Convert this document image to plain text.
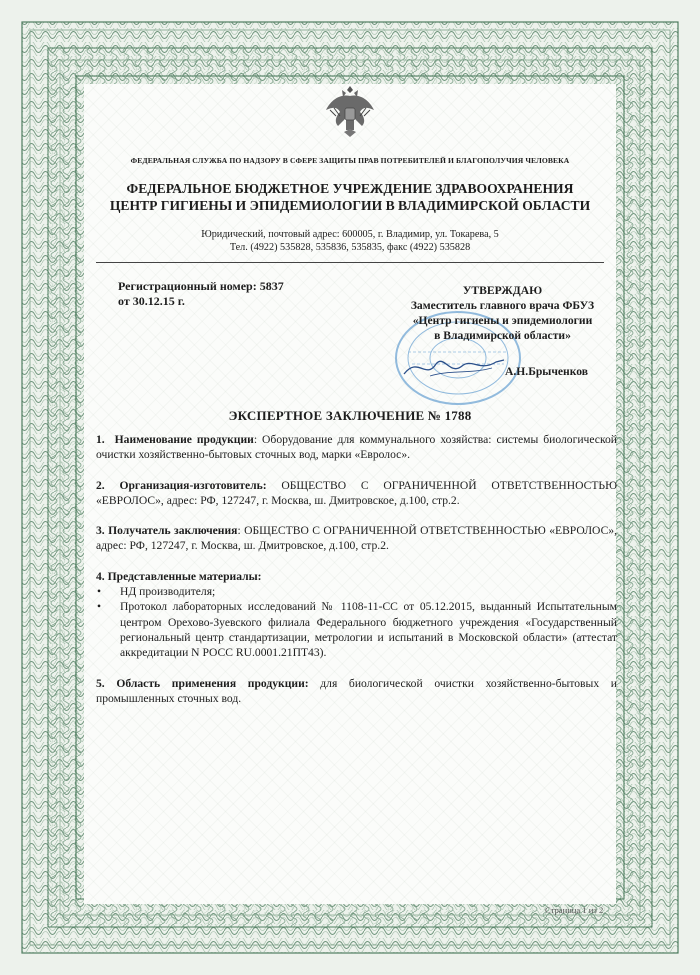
ФЕДЕРАЛЬНАЯ СЛУЖБА ПО НАДЗОРУ В СФЕРЕ ЗАЩИТЫ ПРАВ ПОТРЕБИТЕЛЕЙ И БЛАГОПОЛУЧИЯ ЧЕЛОВЕКА
ФЕДЕРАЛЬНОЕ БЮДЖЕТНОЕ УЧРЕЖДЕНИЕ ЗДРАВООХРАНЕНИЯ
ЦЕНТР ГИГИЕНЫ И ЭПИДЕМИОЛОГИИ В ВЛАДИМИРСКОЙ ОБЛАСТИ
Юридический, почтовый адрес: 600005, г. Владимир, ул. Токарева, 5
Тел. (4922) 535828, 535836, 535835, факс (4922) 535828
Регистрационный номер: 5837
от 30.12.15 г.
УТВЕРЖДАЮ
Заместитель главного врача ФБУЗ
«Центр гигиены и эпидемиологии
в Владимирской области»
А.Н.Брыченков
ЭКСПЕРТНОЕ ЗАКЛЮЧЕНИЕ № 1788

1. Наименование продукции: Оборудование для коммунального хозяйства: системы биологической очистки хозяйственно-бытовых сточных вод, марки «Евролос».

2. Организация-изготовитель: ОБЩЕСТВО С ОГРАНИЧЕННОЙ ОТВЕТСТВЕННОСТЬЮ «ЕВРОЛОС», адрес: РФ, 127247, г. Москва, ш. Дмитровское, д.100, стр.2.

3. Получатель заключения: ОБЩЕСТВО С ОГРАНИЧЕННОЙ ОТВЕТСТВЕННОСТЬЮ «ЕВРОЛОС», адрес: РФ, 127247, г. Москва, ш. Дмитровское, д.100, стр.2.

4. Представленные материалы:

• НД производителя;

• Протокол лабораторных исследований № 1108-11-СС от 05.12.2015, выданный Испытательным центром Орехово-Зуевского филиала Федерального бюджетного учреждения «Государственный региональный центр стандартизации, метрологии и испытаний в Московской области» (аттестат аккредитации N РОСС RU.0001.21ПТ43).

5. Область применения продукции: для биологической очистки хозяйственно-бытовых и промышленных сточных вод.

Страница 1 из 2
